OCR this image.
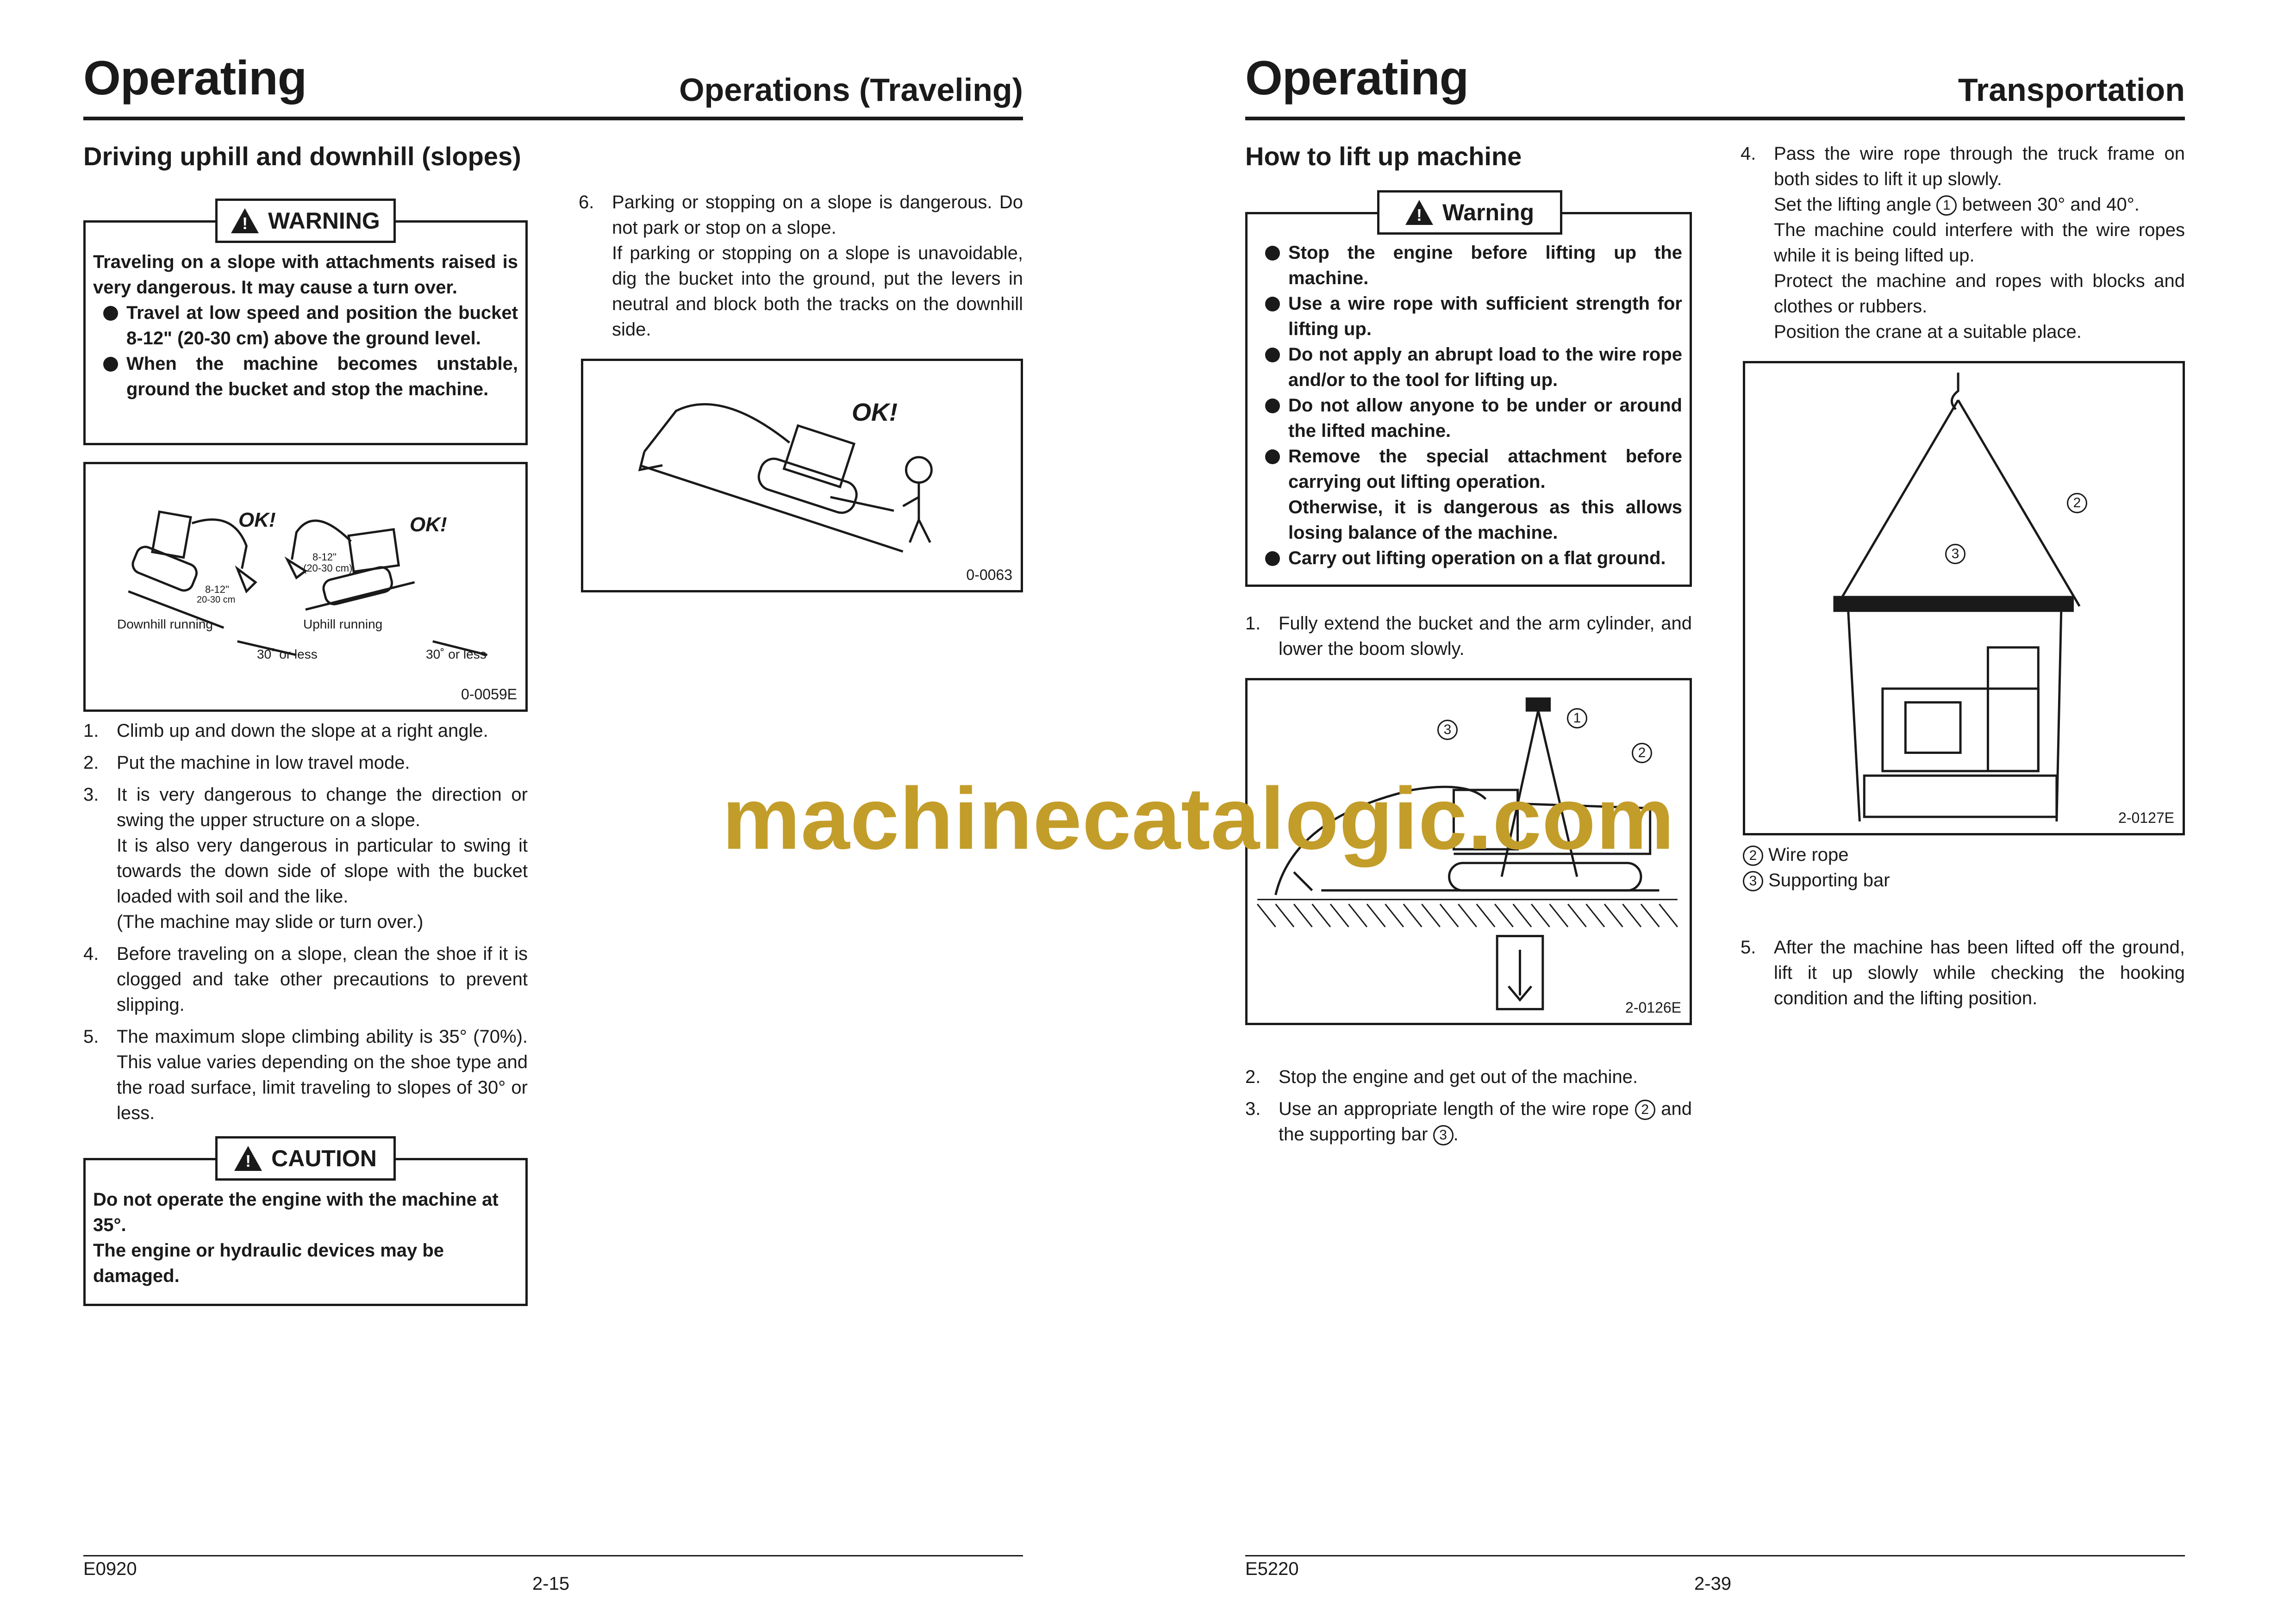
Operating	Operations (Traveling)
Driving uphill and downhill (slopes)
! WARNING

Traveling on a slope with attachments raised is very dangerous. It may cause a turn over.

Travel at low speed and position the bucket 8-12" (20-30 cm) above the ground level.

When the machine becomes unstable, ground the bucket and stop the machine.

Downhill running	Uphill running
30˚ or less	30˚ or less
8-12"
20-30 cm
8-12"
(20-30 cm)
OK!	OK!
0-0059E
1. Climb up and down the slope at a right angle.
2. Put the machine in low travel mode.
3. It is very dangerous to change the direction or swing the upper structure on a slope.
It is also very dangerous in particular to swing it towards the down side of slope with the bucket loaded with soil and the like.
(The machine may slide or turn over.)
4. Before traveling on a slope, clean the shoe if it is clogged and take other precautions to prevent slipping.
5. The maximum slope climbing ability is 35° (70%). This value varies depending on the shoe type and the road surface, limit traveling to slopes of 30° or less.
! CAUTION

Do not operate the engine with the machine at 35°.

The engine or hydraulic devices may be damaged.

6. Parking or stopping on a slope is dangerous. Do not park or stop on a slope.
If parking or stopping on a slope is unavoidable, dig the bucket into the ground, put the levers in neutral and block both the tracks on the downhill side.
OK!
0-0063
E0920
2-15
Operating	Transportation
How to lift up machine
! Warning

Stop the engine before lifting up the machine.

Use a wire rope with sufficient strength for lifting up.

Do not apply an abrupt load to the wire rope and/or to the tool for lifting up.

Do not allow anyone to be under or around the lifted machine.

Remove the special attachment before carrying out lifting operation.

Otherwise, it is dangerous as this allows losing balance of the machine.

Carry out lifting operation on a flat ground.

1. Fully extend the bucket and the arm cylinder, and lower the boom slowly.
1
2
3
2-0126E
2. Stop the engine and get out of the machine.
3. Use an appropriate length of the wire rope 2 and the supporting bar 3 .
4. Pass the wire rope through the truck frame on both sides to lift it up slowly.
Set the lifting angle 1 between 30° and 40°.
The machine could interfere with the wire ropes while it is being lifted up.
Protect the machine and ropes with blocks and clothes or rubbers.
Position the crane at a suitable place.
2
3
2-0127E
2 Wire rope
3 Supporting bar
5. After the machine has been lifted off the ground, lift it up slowly while checking the hooking condition and the lifting position.
E5220
2-39
machinecatalogic.com
